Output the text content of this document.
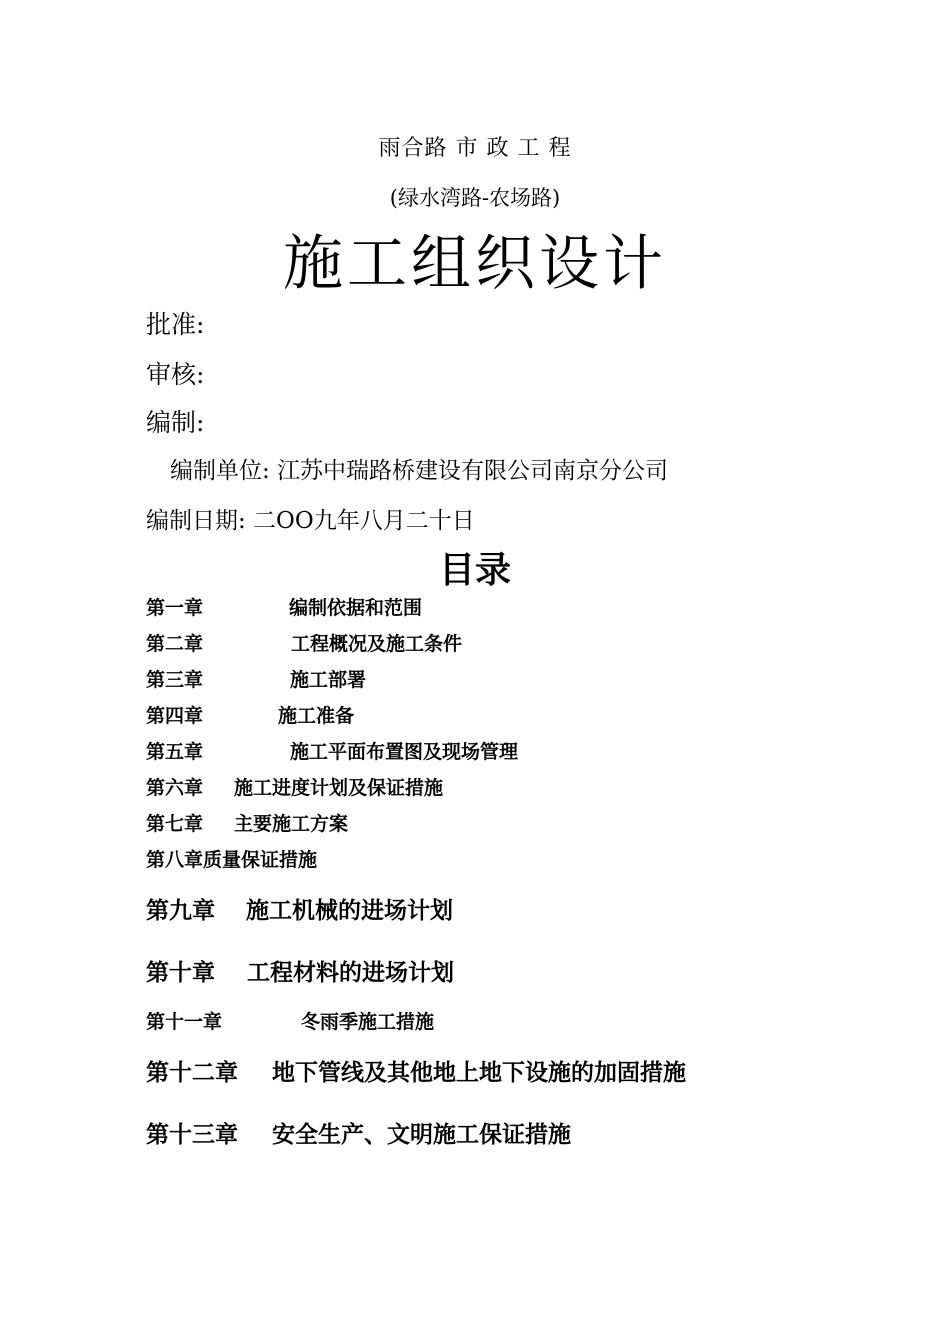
雨合路 市 政 工 程
(绿水湾路-农场路)
施工组织设计
批准:
审核:
编制:
编制单位: 江苏中瑞路桥建设有限公司南京分公司
编制日期: 二OO九年八月二十日
目录
第一章	编制依据和范围
第二章	工程概况及施工条件
第三章	施工部署
第四章	施工准备
第五章	施工平面布置图及现场管理
第六章	施工进度计划及保证措施
第七章	主要施工方案
第八章 质量保证措施
第九章	施工机械的进场计划
第十章	工程材料的进场计划
第十一章	冬雨季施工措施
第十二章	地下管线及其他地上地下设施的加固措施
第十三章	安全生产、文明施工保证措施
